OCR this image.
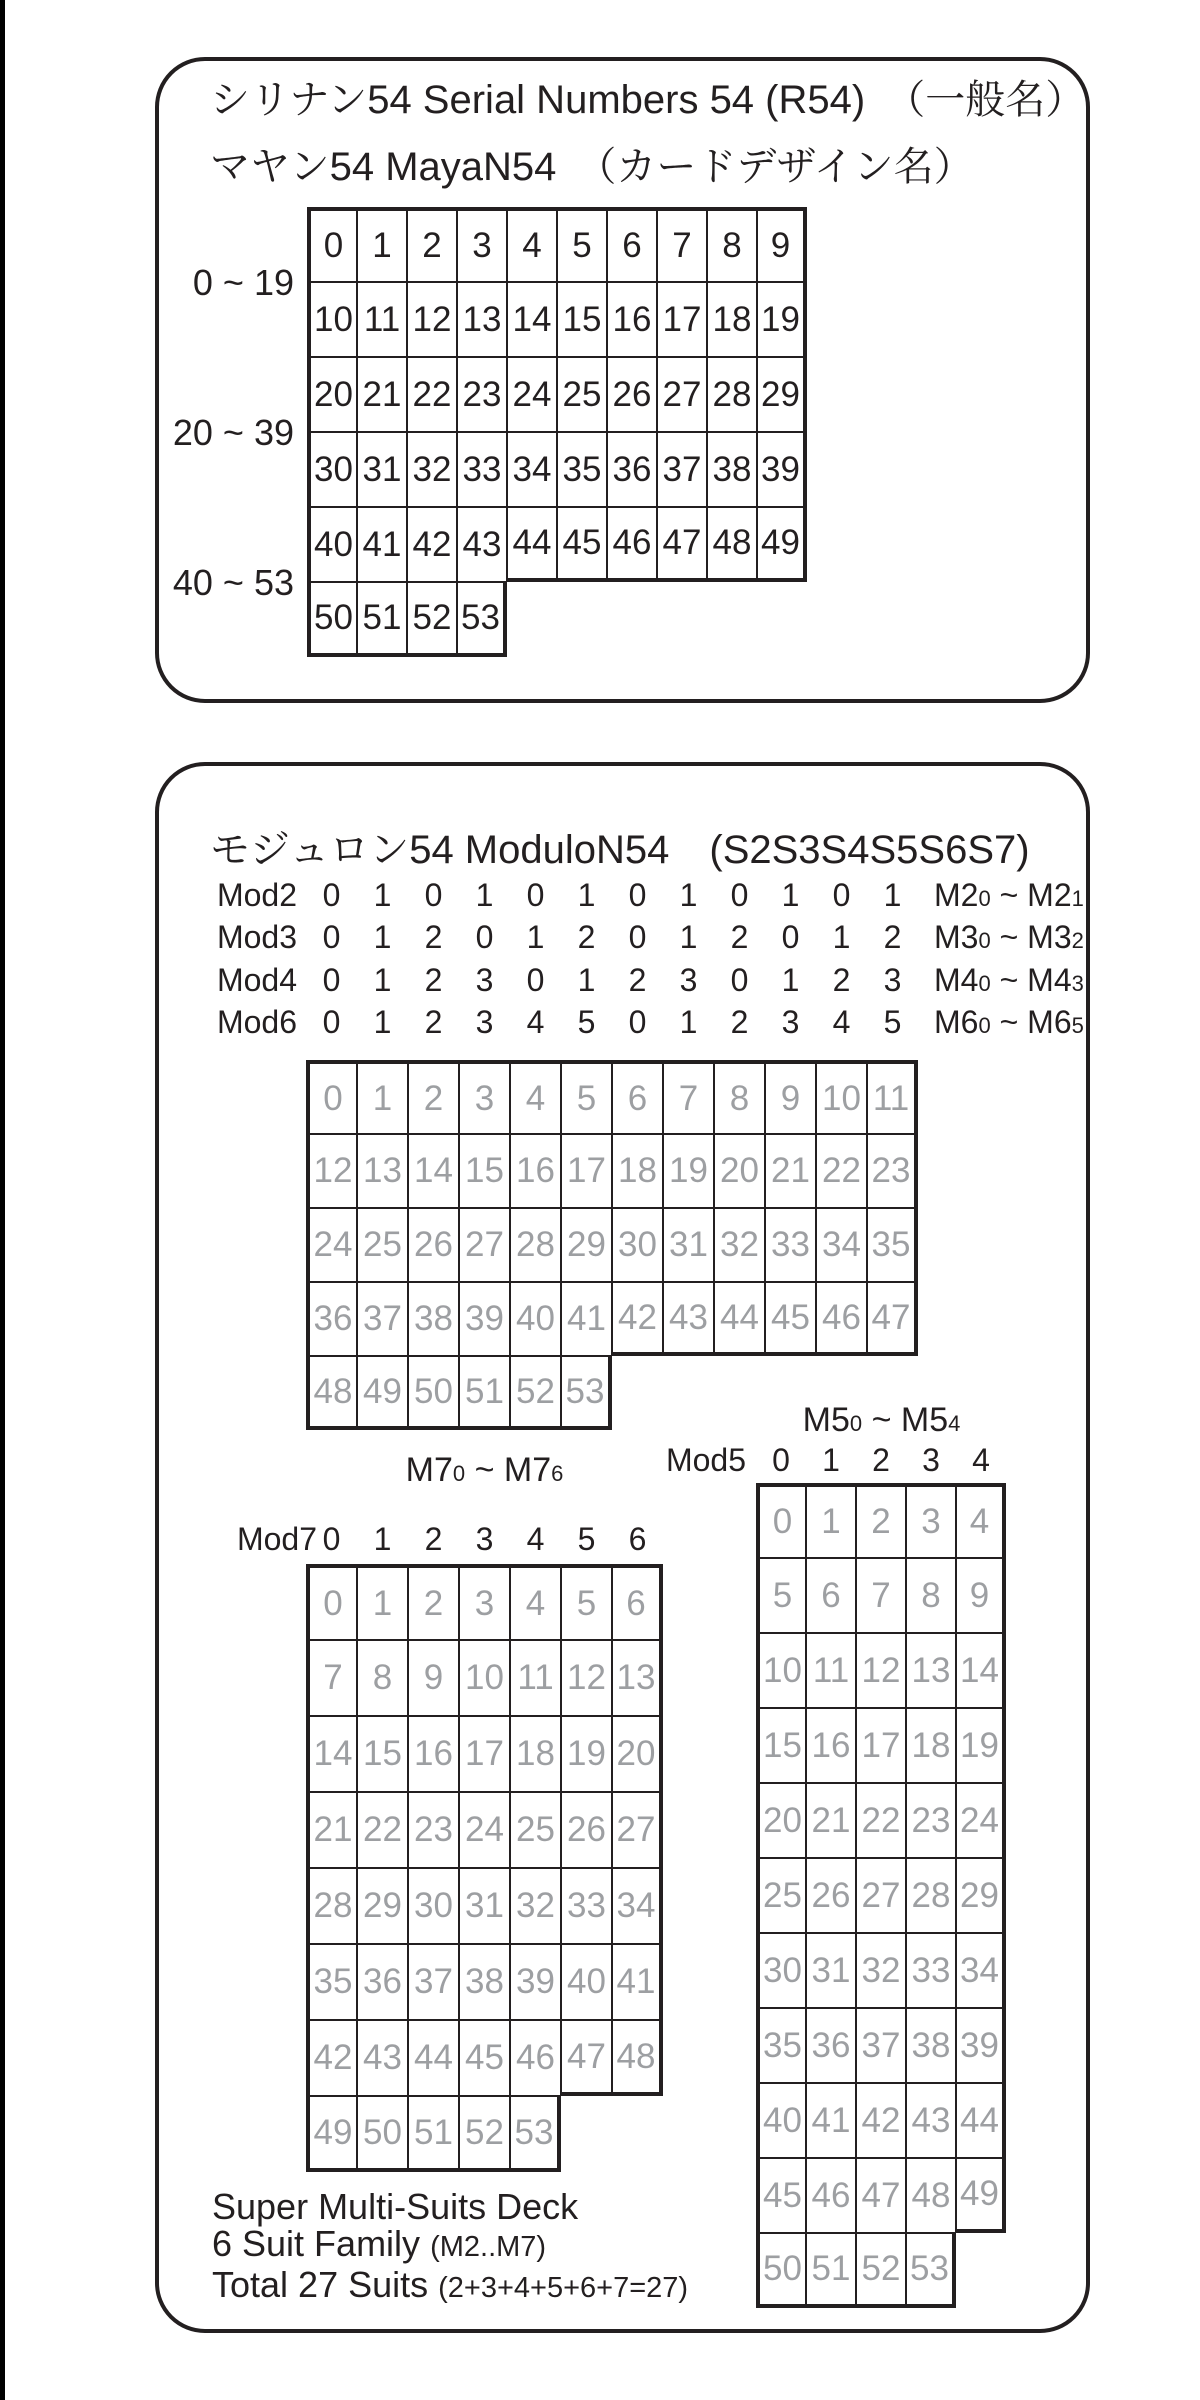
シリナン54 Serial Numbers 54 (R54)　（一般名）
マヤン54 MayaN54　（カードデザイン名）
0 ~ 19
20 ~ 39
40 ~ 53
0 1 2 3 4 5 6 7 8 9
10 11 12 13 14 15 16 17 18 19
20 21 22 23 24 25 26 27 28 29
30 31 32 33 34 35 36 37 38 39
40 41 42 43 44 45 46 47 48 49
50 51 52 53
モジュロン54 ModuloN54　(S2S3S4S5S6S7)
Mod2 0	1	0	1	0	1	0	1	0	1	0	1	M20 ~ M21
Mod3 0	1	2	0	1	2	0	1	2	0	1	2	M30 ~ M32
Mod4 0	1	2	3	0	1	2	3	0	1	2	3	M40 ~ M43
Mod6 0	1	2	3	4	5	0	1	2	3	4	5	M60 ~ M65
0 1 2 3 4 5 6 7 8 9 10 11
12 13 14 15 16 17 18 19 20 21 22 23
24 25 26 27 28 29 30 31 32 33 34 35
36 37 38 39 40 41 42 43 44 45 46 47
48 49 50 51 52 53
M50 ~ M54
Mod5 0	1	2	3	4
0 1 2 3 4
5 6 7 8 9
10 11 12 13 14
15 16 17 18 19
20 21 22 23 24
25 26 27 28 29
30 31 32 33 34
35 36 37 38 39
40 41 42 43 44
45 46 47 48 49
50 51 52 53
M70 ~ M76
Mod7 0	1	2	3	4	5	6
0 1 2 3 4 5 6
7 8 9 10 11 12 13
14 15 16 17 18 19 20
21 22 23 24 25 26 27
28 29 30 31 32 33 34
35 36 37 38 39 40 41
42 43 44 45 46 47 48
49 50 51 52 53
Super Multi-Suits Deck
6 Suit Family (M2..M7)
Total 27 Suits (2+3+4+5+6+7=27)
